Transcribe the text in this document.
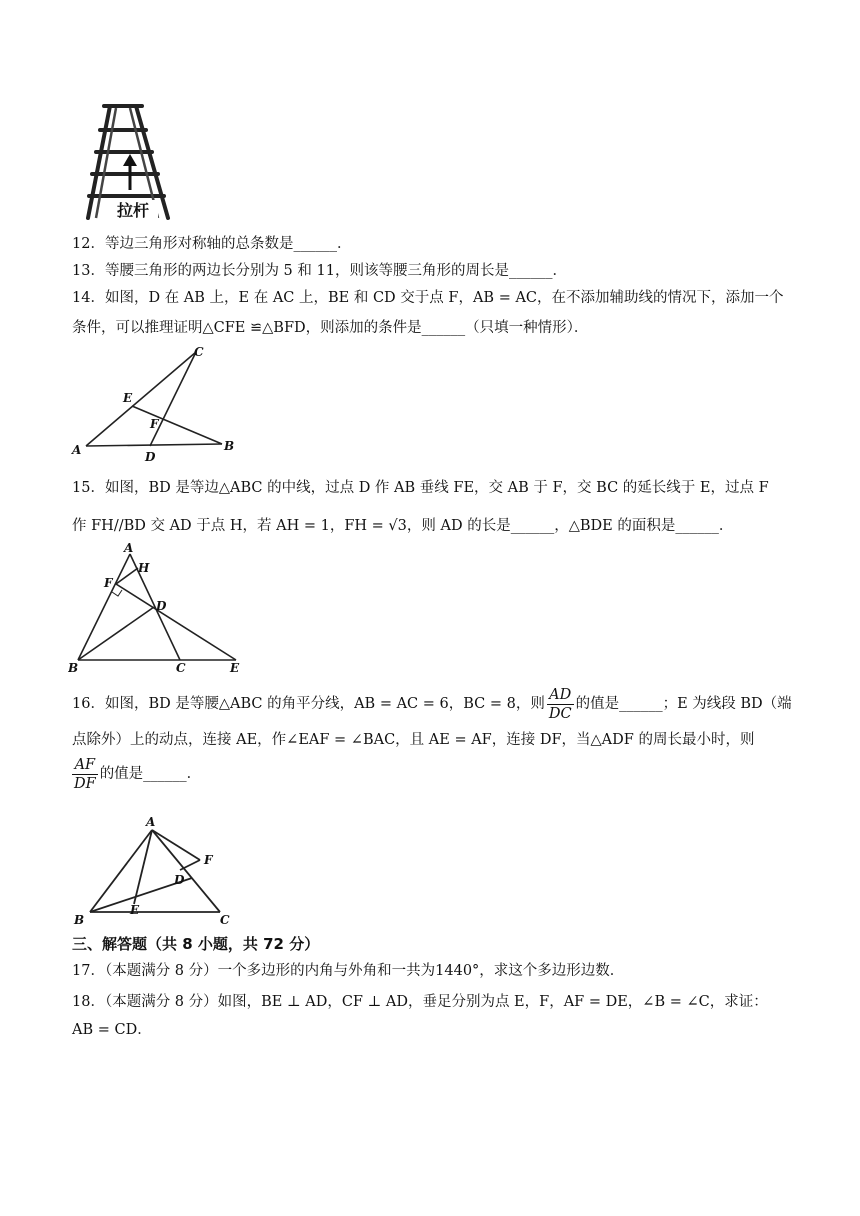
拉杆
12．等边三角形对称轴的总条数是______．
13．等腰三角形的两边长分别为 5 和 11，则该等腰三角形的周长是______．
14．如图，D 在 AB 上，E 在 AC 上，BE 和 CD 交于点 F，AB = AC，在不添加辅助线的情况下，添加一个
条件，可以推理证明△CFE ≌△BFD，则添加的条件是______（只填一种情形）．
C
E
F
A	D
B
15．如图，BD 是等边△ABC 的中线，过点 D 作 AB 垂线 FE，交 AB 于 F，交 BC 的延长线于 E，过点 F
作 FH//BD 交 AD 于点 H，若 AH = 1，FH = √3，则 AD 的长是______，△BDE 的面积是______．
A
H
F
D
B	C	E
16．如图，BD 是等腰△ABC 的角平分线，AB = AC = 6，BC = 8，则 $\frac{AD}{DC}$ 的值是______；E 为线段 BD（端
点除外）上的动点，连接 AE，作∠EAF = ∠BAC，且 AE = AF，连接 DF，当△ADF 的周长最小时，则
$\frac{AF}{DF}$ 的值是______．
A
F
D
E
B	C
三、解答题（共 8 小题，共 72 分）
17．（本题满分 8 分）一个多边形的内角与外角和一共为1440°，求这个多边形边数．
18．（本题满分 8 分）如图，BE ⊥ AD，CF ⊥ AD，垂足分别为点 E，F，AF = DE，∠B = ∠C，求证：
AB = CD．
